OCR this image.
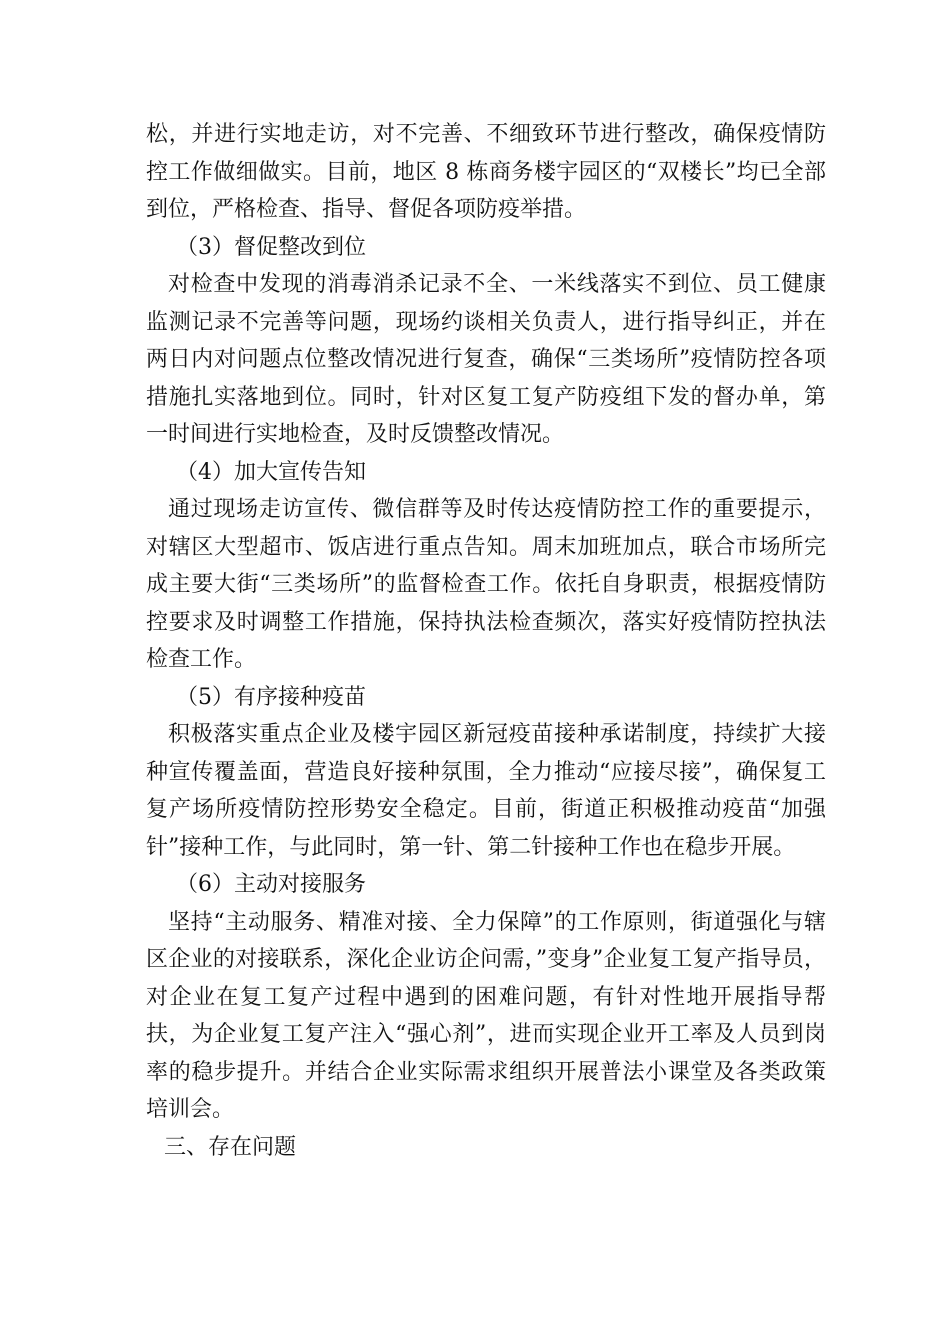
松，并进行实地走访，对不完善、不细致环节进行整改，确保疫情防控工作做细做实。目前，地区 8 栋商务楼宇园区的“双楼长”均已全部到位，严格检查、指导、督促各项防疫举措。

（3）督促整改到位

对检查中发现的消毒消杀记录不全、一米线落实不到位、员工健康监测记录不完善等问题，现场约谈相关负责人，进行指导纠正，并在两日内对问题点位整改情况进行复查，确保“三类场所”疫情防控各项措施扎实落地到位。同时，针对区复工复产防疫组下发的督办单，第一时间进行实地检查，及时反馈整改情况。

（4）加大宣传告知

通过现场走访宣传、微信群等及时传达疫情防控工作的重要提示，对辖区大型超市、饭店进行重点告知。周末加班加点，联合市场所完成主要大街“三类场所”的监督检查工作。依托自身职责，根据疫情防控要求及时调整工作措施，保持执法检查频次，落实好疫情防控执法检查工作。

（5）有序接种疫苗

积极落实重点企业及楼宇园区新冠疫苗接种承诺制度，持续扩大接种宣传覆盖面，营造良好接种氛围，全力推动“应接尽接”，确保复工复产场所疫情防控形势安全稳定。目前，街道正积极推动疫苗“加强针”接种工作，与此同时，第一针、第二针接种工作也在稳步开展。

（6）主动对接服务

坚持“主动服务、精准对接、全力保障”的工作原则，街道强化与辖区企业的对接联系，深化企业访企问需，”变身”企业复工复产指导员，对企业在复工复产过程中遇到的困难问题，有针对性地开展指导帮扶，为企业复工复产注入“强心剂”，进而实现企业开工率及人员到岗率的稳步提升。并结合企业实际需求组织开展普法小课堂及各类政策培训会。

三、存在问题
